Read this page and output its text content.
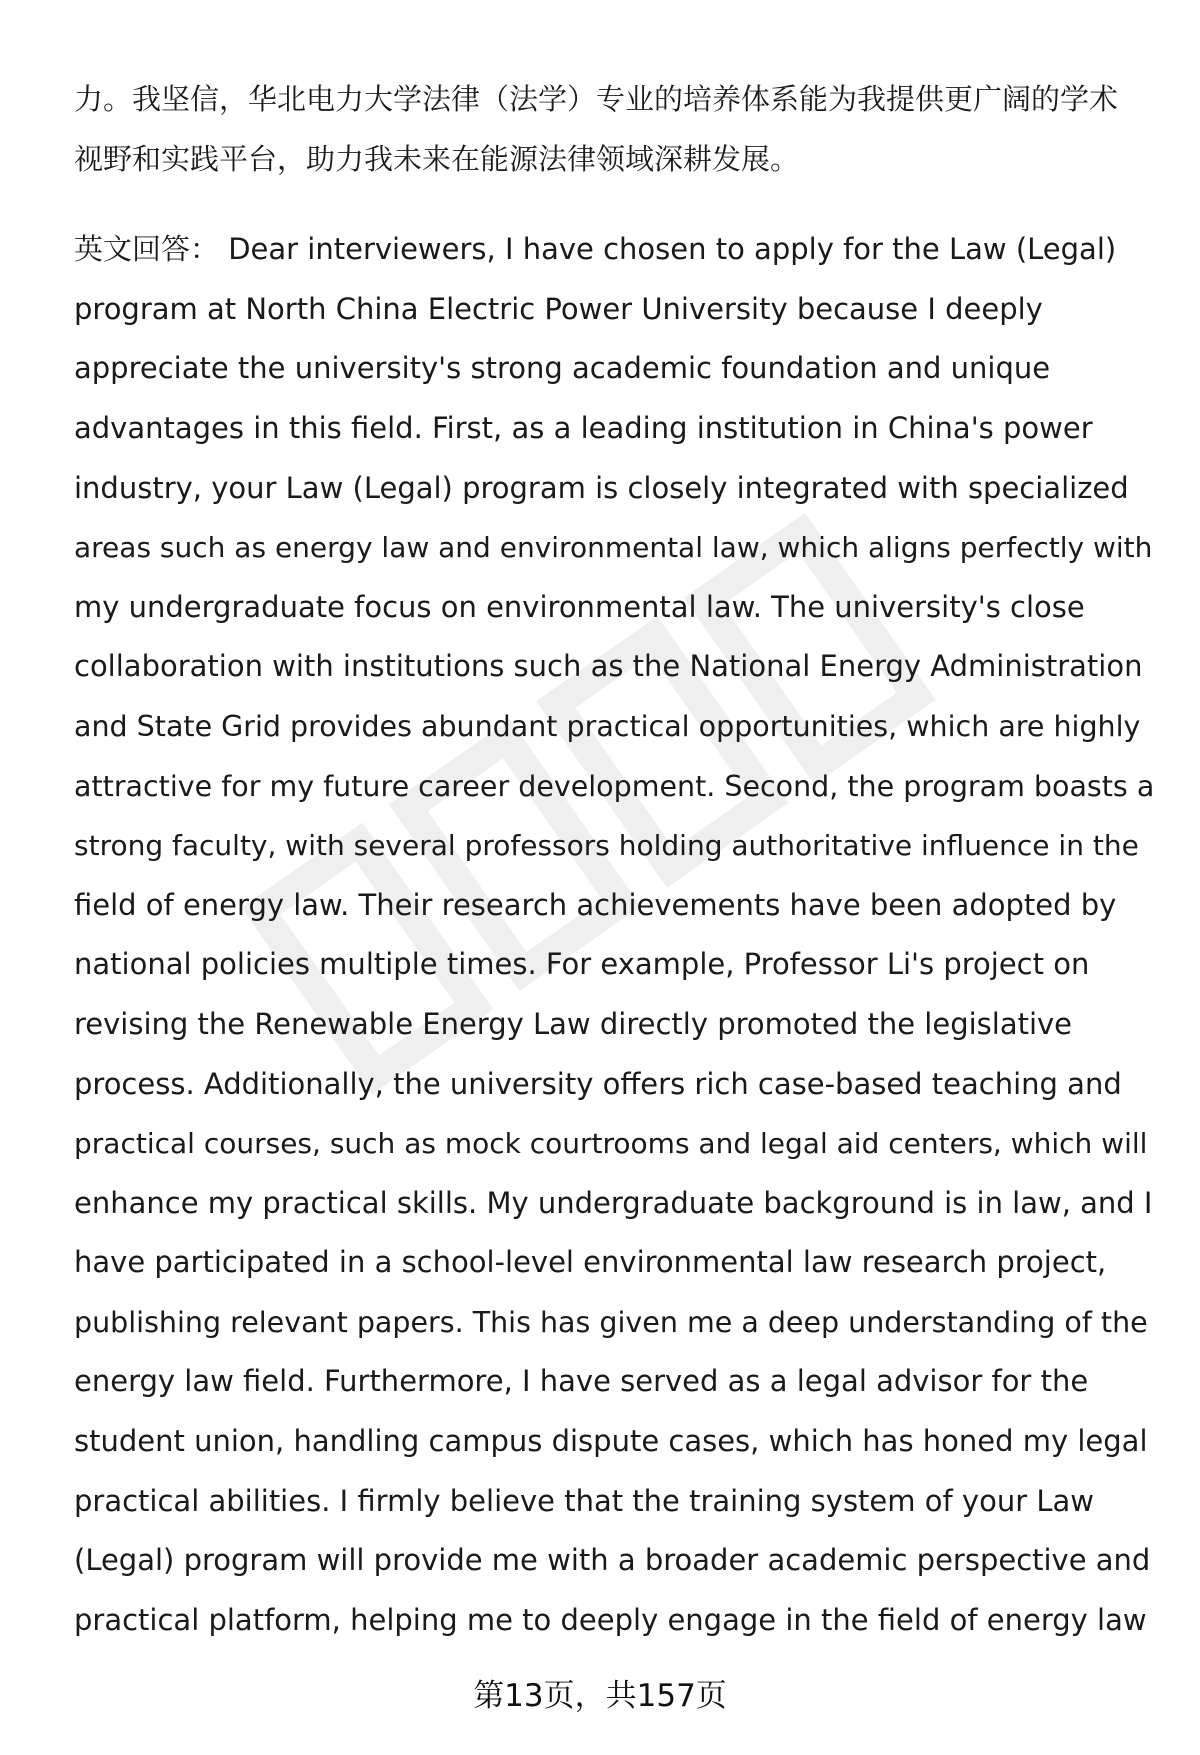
力。我坚信，华北电力大学法律（法学）专业的培养体系能为我提供更广阔的学术
视野和实践平台，助力我未来在能源法律领域深耕发展。
英文回答： Dear interviewers, I have chosen to apply for the Law (Legal)
program at North China Electric Power University because I deeply
appreciate the university's strong academic foundation and unique
advantages in this field. First, as a leading institution in China's power
industry, your Law (Legal) program is closely integrated with specialized
areas such as energy law and environmental law, which aligns perfectly with
my undergraduate focus on environmental law. The university's close
collaboration with institutions such as the National Energy Administration
and State Grid provides abundant practical opportunities, which are highly
attractive for my future career development. Second, the program boasts a
strong faculty, with several professors holding authoritative influence in the
field of energy law. Their research achievements have been adopted by
national policies multiple times. For example, Professor Li's project on
revising the Renewable Energy Law directly promoted the legislative
process. Additionally, the university offers rich case-based teaching and
practical courses, such as mock courtrooms and legal aid centers, which will
enhance my practical skills. My undergraduate background is in law, and I
have participated in a school-level environmental law research project,
publishing relevant papers. This has given me a deep understanding of the
energy law field. Furthermore, I have served as a legal advisor for the
student union, handling campus dispute cases, which has honed my legal
practical abilities. I firmly believe that the training system of your Law
(Legal) program will provide me with a broader academic perspective and
practical platform, helping me to deeply engage in the field of energy law
第13页，共157页
